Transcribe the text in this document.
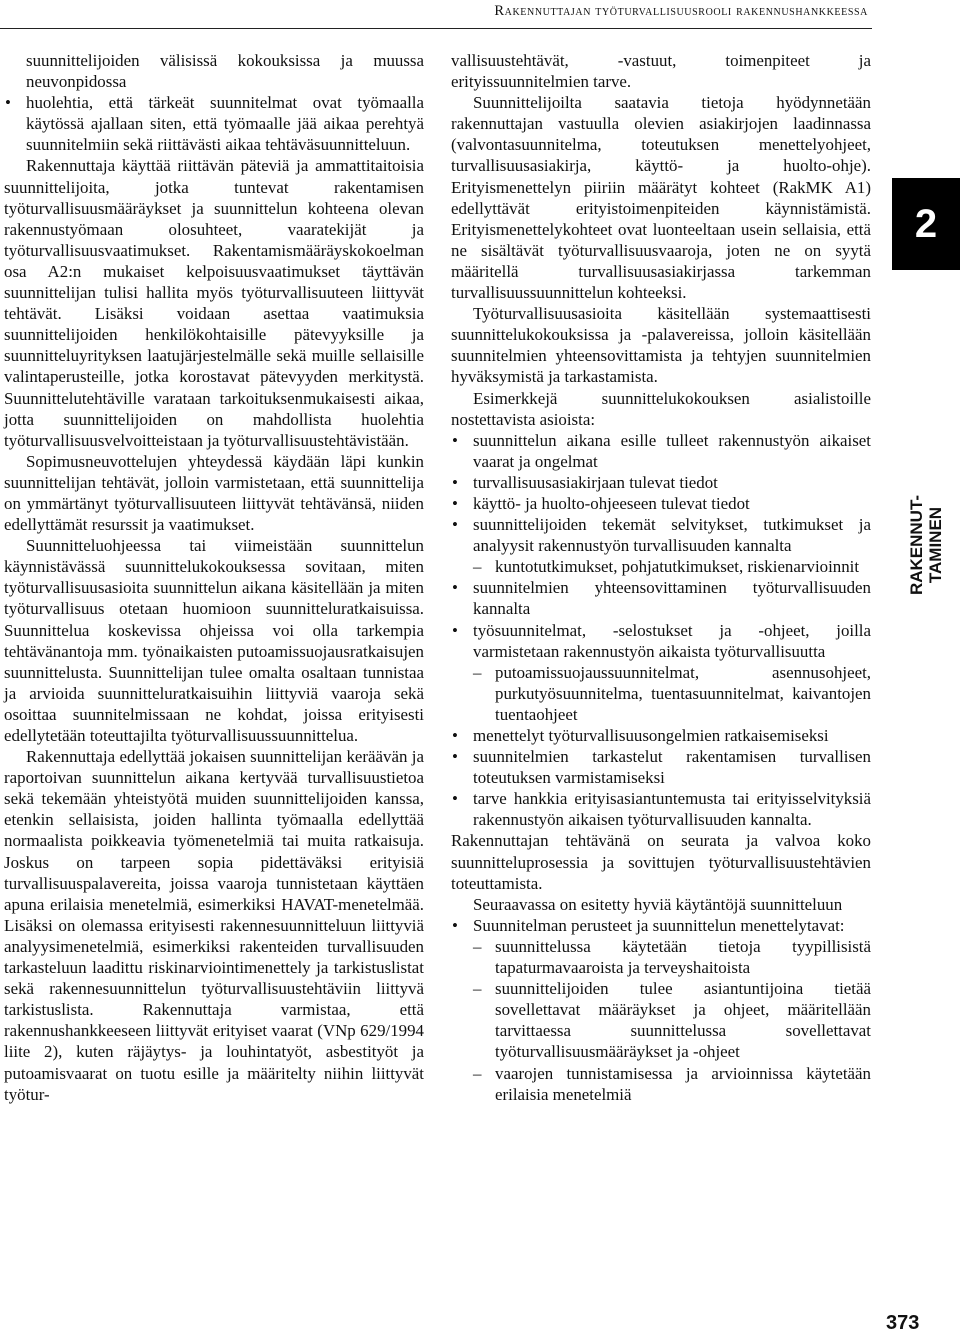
Rakennuttajan työturvallisuusrooli rakennushankkeessa
suunnittelijoiden välisissä kokouksissa ja muussa neuvonpidossa
• huolehtia, että tärkeät suunnitelmat ovat työmaalla käytössä ajallaan siten, että työmaalle jää aikaa perehtyä suunnitelmiin sekä riittävästi aikaa tehtäväsuunnitteluun.

Rakennuttaja käyttää riittävän päteviä ja ammattitaitoisia suunnittelijoita, jotka tuntevat rakentamisen työturvallisuusmääräykset ja suunnittelun kohteena olevan rakennustyömaan olosuhteet, vaaratekijät ja työturvallisuusvaatimukset. Rakentamismääräyskokoelman osa A2:n mukaiset kelpoisuusvaatimukset täyttävän suunnittelijan tulisi hallita myös työturvallisuuteen liittyvät tehtävät. Lisäksi voidaan asettaa vaatimuksia suunnittelijoiden henkilökohtaisille pätevyyksille ja suunnitteluyrityksen laatujärjestelmälle sekä muille sellaisille valintaperusteille, jotka korostavat pätevyyden merkitystä. Suunnittelutehtäville varataan tarkoituksenmukaisesti aikaa, jotta suunnittelijoiden on mahdollista huolehtia työturvallisuusvelvoitteistaan ja työturvallisuustehtävistään.

Sopimusneuvottelujen yhteydessä käydään läpi kunkin suunnittelijan tehtävät, jolloin varmistetaan, että suunnittelija on ymmärtänyt työturvallisuuteen liittyvät tehtävänsä, niiden edellyttämät resurssit ja vaatimukset.

Suunnitteluohjeessa tai viimeistään suunnittelun käynnistävässä suunnittelukokouksessa sovitaan, miten työturvallisuusasioita suunnittelun aikana käsitellään ja miten työturvallisuus otetaan huomioon suunnitteluratkaisuissa. Suunnittelua koskevissa ohjeissa voi olla tarkempia tehtävänantoja mm. työnaikaisten putoamissuojausratkaisujen suunnittelusta. Suunnittelijan tulee omalta osaltaan tunnistaa ja arvioida suunnitteluratkaisuihin liittyviä vaaroja sekä osoittaa suunnitelmissaan ne kohdat, joissa erityisesti edellytetään toteuttajilta työturvallisuussuunnittelua.

Rakennuttaja edellyttää jokaisen suunnittelijan keräävän ja raportoivan suunnittelun aikana kertyvää turvallisuustietoa sekä tekemään yhteistyötä muiden suunnittelijoiden kanssa, etenkin sellaisista, joiden hallinta työmaalla edellyttää normaalista poikkeavia työmenetelmiä tai muita ratkaisuja. Joskus on tarpeen sopia pidettäväksi erityisiä turvallisuuspalavereita, joissa vaaroja tunnistetaan käyttäen apuna erilaisia menetelmiä, esimerkiksi HAVAT-menetelmää. Lisäksi on olemassa erityisesti rakennesuunnitteluun liittyviä analyysimenetelmiä, esimerkiksi rakenteiden turvallisuuden tarkasteluun laadittu riskinarviointimenettely ja tarkistuslistat sekä rakennesuunnittelun työturvallisuustehtäviin liittyvä tarkistuslista. Rakennuttaja varmistaa, että rakennushankkeeseen liittyvät erityiset vaarat (VNp 629/1994 liite 2), kuten räjäytys- ja louhintatyöt, asbestityöt ja putoamisvaarat on tuotu esille ja määritelty niihin liittyvät työtur-

vallisuustehtävät, -vastuut, toimenpiteet ja erityissuunnitelmien tarve.

Suunnittelijoilta saatavia tietoja hyödynnetään rakennuttajan vastuulla olevien asiakirjojen laadinnassa (valvontasuunnitelma, toteutuksen menettelyohjeet, turvallisuusasiakirja, käyttö- ja huolto-ohje). Erityismenettelyn piiriin määrätyt kohteet (RakMK A1) edellyttävät erityistoimenpiteiden käynnistämistä. Erityismenettelykohteet ovat luonteeltaan usein sellaisia, että ne sisältävät työturvallisuusvaaroja, joten ne on syytä määritellä turvallisuusasiakirjassa tarkemman turvallisuussuunnittelun kohteeksi.

Työturvallisuusasioita käsitellään systemaattisesti suunnittelukokouksissa ja -palavereissa, jolloin käsitellään suunnitelmien yhteensovittamista ja tehtyjen suunnitelmien hyväksymistä ja tarkastamista.

Esimerkkejä suunnittelukokouksen asialistoille nostettavista asioista:

• suunnittelun aikana esille tulleet rakennustyön aikaiset vaarat ja ongelmat
• turvallisuusasiakirjaan tulevat tiedot
• käyttö- ja huolto-ohjeeseen tulevat tiedot
• suunnittelijoiden tekemät selvitykset, tutkimukset ja analyysit rakennustyön turvallisuuden kannalta
– kuntotutkimukset, pohjatutkimukset, riskienarvioinnit
• suunnitelmien yhteensovittaminen työturvallisuuden kannalta
• työsuunnitelmat, -selostukset ja -ohjeet, joilla varmistetaan rakennustyön aikaista työturvallisuutta
– putoamissuojaussuunnitelmat, asennusohjeet, purkutyösuunnitelma, tuentasuunnitelmat, kaivantojen tuentaohjeet
• menettelyt työturvallisuusongelmien ratkaisemiseksi
• suunnitelmien tarkastelut rakentamisen turvallisen toteutuksen varmistamiseksi
• tarve hankkia erityisasiantuntemusta tai erityisselvityksiä rakennustyön aikaisen työturvallisuuden kannalta.

Rakennuttajan tehtävänä on seurata ja valvoa koko suunnitteluprosessia ja sovittujen työturvallisuustehtävien toteuttamista.

Seuraavassa on esitetty hyviä käytäntöjä suunnitteluun

• Suunnitelman perusteet ja suunnittelun menettelytavat:
– suunnittelussa käytetään tietoja tyypillisistä tapaturmavaaroista ja terveyshaitoista
– suunnittelijoiden tulee asiantuntijoina tietää sovellettavat määräykset ja ohjeet, määritellään tarvittaessa suunnittelussa sovellettavat työturvallisuusmääräykset ja -ohjeet
– vaarojen tunnistamisessa ja arvioinnissa käytetään erilaisia menetelmiä
2
RAKENNUT- TAMINEN
373
